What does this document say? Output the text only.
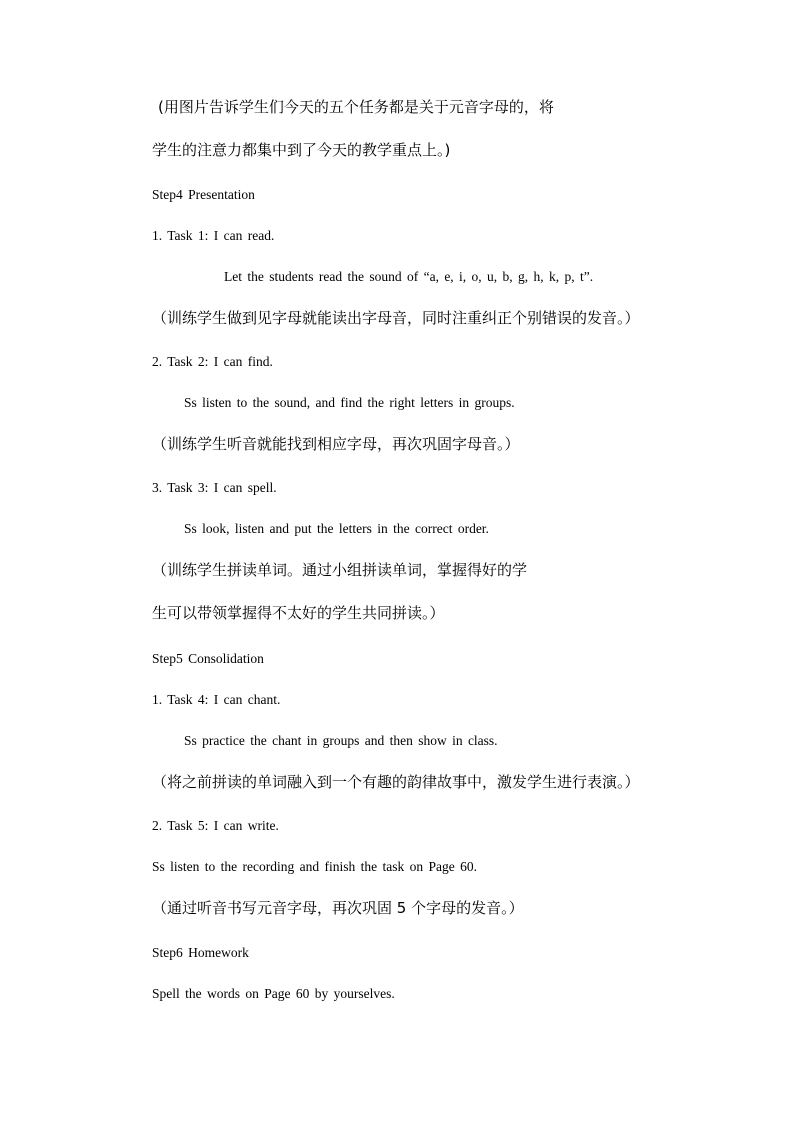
(用图片告诉学生们今天的五个任务都是关于元音字母的，将
学生的注意力都集中到了今天的教学重点上。)
Step4 Presentation
1. Task 1: I can read.
Let the students read the sound of “a, e, i, o, u, b, g, h, k, p, t”.
（训练学生做到见字母就能读出字母音，同时注重纠正个别错误的发音。）
2. Task 2: I can find.
Ss listen to the sound, and find the right letters in groups.
（训练学生听音就能找到相应字母，再次巩固字母音。）
3. Task 3: I can spell.
Ss look, listen and put the letters in the correct order.
（训练学生拼读单词。通过小组拼读单词，掌握得好的学
生可以带领掌握得不太好的学生共同拼读。）
Step5 Consolidation
1. Task 4: I can chant.
Ss practice the chant in groups and then show in class.
（将之前拼读的单词融入到一个有趣的韵律故事中，激发学生进行表演。）
2. Task 5: I can write.
Ss listen to the recording and finish the task on Page 60.
（通过听音书写元音字母，再次巩固 5 个字母的发音。）
Step6 Homework
Spell the words on Page 60 by yourselves.
